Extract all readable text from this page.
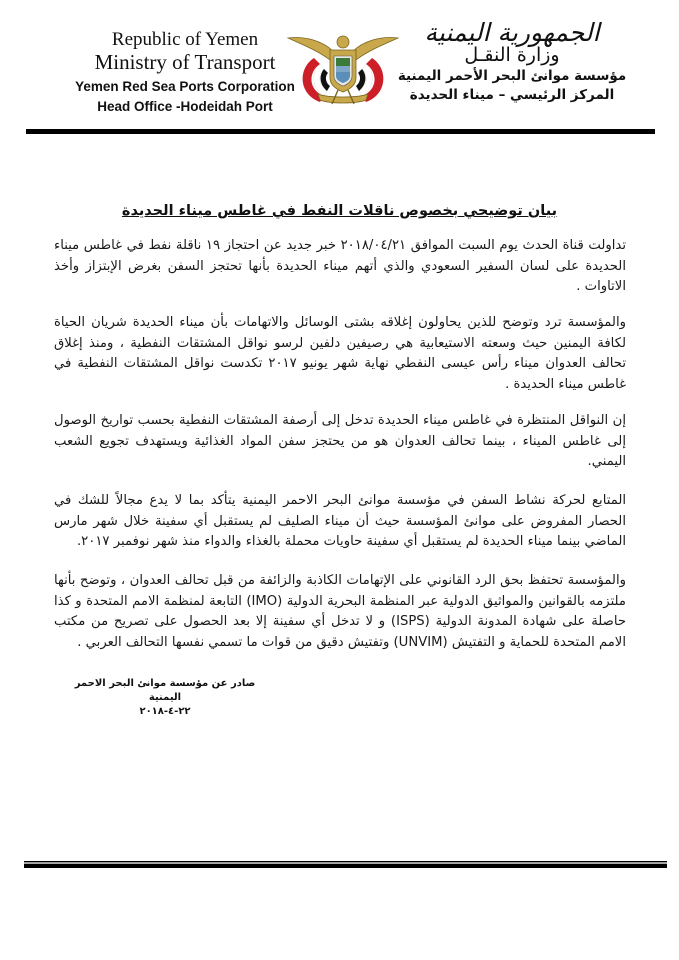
Republic of Yemen
Ministry of Transport
Yemen Red Sea Ports Corporation
Head Office -Hodeidah Port
الجمهورية اليمنية
وزارة النقـل
مؤسسة موانئ البحر الأحمر اليمنية
المركز الرئيسي – ميناء الحديدة
بيان توضيحي بخصوص ناقلات النفط في غاطس ميناء الحديدة

تداولت قناة الحدث يوم السبت الموافق ٢٠١٨/٠٤/٢١ خبر جديد عن احتجاز ١٩ ناقلة نفط في غاطس ميناء الحديدة على لسان السفير السعودي والذي أتهم ميناء الحديدة بأنها تحتجز السفن بغرض الإبتزاز وأخذ الاتاوات .

والمؤسسة ترد وتوضح للذين يحاولون إغلاقه بشتى الوسائل والاتهامات بأن ميناء الحديدة شريان الحياة لكافة اليمنين حيث وسعته الاستيعابية هي رصيفين دلفين لرسو نواقل المشتقات النفطية ، ومنذ إغلاق تحالف العدوان ميناء رأس عيسى النفطي نهاية شهر يونيو ٢٠١٧ تكدست نواقل المشتقات النفطية في غاطس ميناء الحديدة .

إن النواقل المنتظرة في غاطس ميناء الحديدة تدخل إلى أرصفة المشتقات النفطية بحسب تواريخ الوصول إلى غاطس الميناء ، بينما تحالف العدوان هو من يحتجز سفن المواد الغذائية ويستهدف تجويع الشعب اليمني.

المتابع لحركة نشاط السفن في مؤسسة موانئ البحر الاحمر اليمنية يتأكد بما لا يدع مجالاً للشك في الحصار المفروض على موانئ المؤسسة حيث أن ميناء الصليف لم يستقبل أي سفينة خلال شهر مارس الماضي بينما ميناء الحديدة لم يستقبل أي سفينة حاويات محملة بالغذاء والدواء منذ شهر نوفمبر ٢٠١٧.

والمؤسسة تحتفظ بحق الرد القانوني على الإتهامات الكاذبة والزائفة من قبل تحالف العدوان ، وتوضح بأنها ملتزمه بالقوانين والمواثيق الدولية عبر المنظمة البحرية الدولية (IMO) التابعة لمنظمة الامم المتحدة و كذا حاصلة على شهادة المدونة الدولية (ISPS) و لا تدخل أي سفينة إلا بعد الحصول على تصريح من مكتب الامم المتحدة للحماية و التفتيش (UNVIM) وتفتيش دقيق من قوات ما تسمي نفسها التحالف العربي .

صادر عن مؤسسة موانئ البحر الاحمر اليمنية
٢٢-٤-٢٠١٨
